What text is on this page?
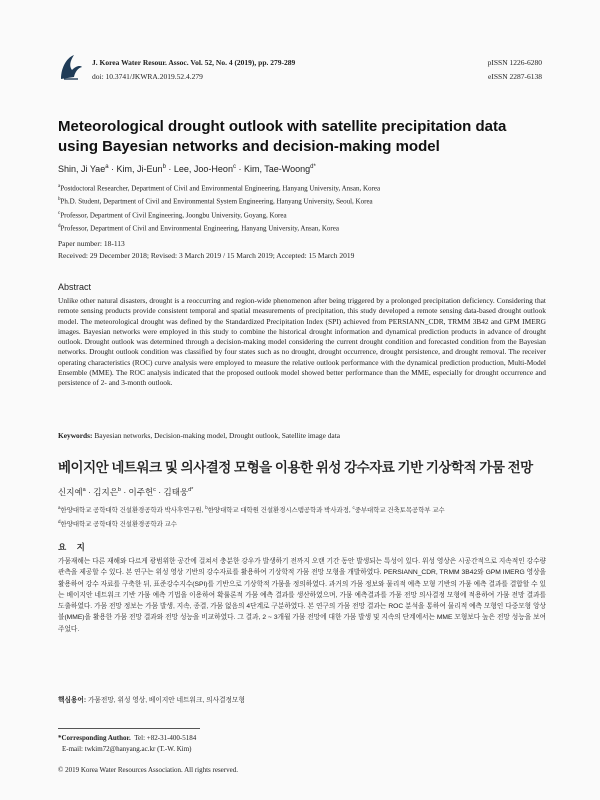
J. Korea Water Resour. Assoc. Vol. 52, No. 4 (2019), pp. 279-289
doi: 10.3741/JKWRA.2019.52.4.279
pISSN 1226-6280
eISSN 2287-6138
Meteorological drought outlook with satellite precipitation data using Bayesian networks and decision-making model
Shin, Ji Yae$^a$ · Kim, Ji-Eun$^b$ · Lee, Joo-Heon$^c$ · Kim, Tae-Woong$^{d*}$
$^a$Postdoctoral Researcher, Department of Civil and Environmental Engineering, Hanyang University, Ansan, Korea
$^b$Ph.D. Student, Department of Civil and Environmental System Engineering, Hanyang University, Seoul, Korea
$^c$Professor, Department of Civil Engineering, Joongbu University, Goyang, Korea
$^d$Professor, Department of Civil and Environmental Engineering, Hanyang University, Ansan, Korea
Paper number: 18-113
Received: 29 December 2018; Revised: 3 March 2019 / 15 March 2019; Accepted: 15 March 2019
Abstract
Unlike other natural disasters, drought is a reoccurring and region-wide phenomenon after being triggered by a prolonged precipitation deficiency. Considering that remote sensing products provide consistent temporal and spatial measurements of precipitation, this study developed a remote sensing data-based drought outlook model. The meteorological drought was defined by the Standardized Precipitation Index (SPI) achieved from PERSIANN_CDR, TRMM 3B42 and GPM IMERG images. Bayesian networks were employed in this study to combine the historical drought information and dynamical prediction products in advance of drought outlook. Drought outlook was determined through a decision-making model considering the current drought condition and forecasted condition from the Bayesian networks. Drought outlook condition was classified by four states such as no drought, drought occurrence, drought persistence, and drought removal. The receiver operating characteristics (ROC) curve analysis were employed to measure the relative outlook performance with the dynamical prediction production, Multi-Model Ensemble (MME). The ROC analysis indicated that the proposed outlook model showed better performance than the MME, especially for drought occurrence and persistence of 2- and 3-month outlook.
Keywords: Bayesian networks, Decision-making model, Drought outlook, Satellite image data
베이지안 네트워크 및 의사결정 모형을 이용한 위성 강수자료 기반 기상학적 가뭄 전망
신지예$^a$ · 김지은$^b$ · 이주헌$^c$ · 김태웅$^{d*}$
$^a$한양대학교 공학대학 건설환경공학과 박사후연구원, $^b$한양대학교 대학원 건설환경시스템공학과 박사과정, $^c$중부대학교 건축토목공학부 교수
$^d$한양대학교 공학대학 건설환경공학과 교수
요 지
가뭄재해는 다른 재해와 다르게 광범위한 공간에 걸쳐서 충분한 강우가 발생하기 전까지 오랜 기간 동안 발생되는 특성이 있다. 위성 영상은 시공간적으로 지속적인 강수량 관측을 제공할 수 있다. 본 연구는 위성 영상 기반의 강수자료를 활용하여 기상학적 가뭄 전망 모형을 개발하였다. PERSIANN_CDR, TRMM 3B42와 GPM IMERG 영상을 활용하여 강수 자료를 구축한 뒤, 표준강수지수(SPI)를 기반으로 기상학적 가뭄을 정의하였다. 과거의 가뭄 정보와 물리적 예측 모형 기반의 가뭄 예측 결과를 결합할 수 있는 베이지안 네트워크 기반 가뭄 예측 기법을 이용하여 확률론적 가뭄 예측 결과를 생산하였으며, 가뭄 예측결과를 가뭄 전망 의사결정 모형에 적용하여 가뭄 전망 결과를 도출하였다. 가뭄 전망 정보는 가뭄 발생, 지속, 종결, 가뭄 없음의 4단계로 구분하였다. 본 연구의 가뭄 전망 결과는 ROC 분석을 통하여 물리적 예측 모형인 다중모형 앙상블(MME)을 활용한 가뭄 전망 결과와 전망 성능을 비교하였다. 그 결과, 2 ~ 3개월 가뭄 전망에 대한 가뭄 발생 및 지속의 단계에서는 MME 모형보다 높은 전망 성능을 보여주었다.
핵심용어: 가뭄전망, 위성 영상, 베이지안 네트워크, 의사결정모형
*Corresponding Author. Tel: +82-31-400-5184
E-mail: twkim72@hanyang.ac.kr (T.-W. Kim)
© 2019 Korea Water Resources Association. All rights reserved.
